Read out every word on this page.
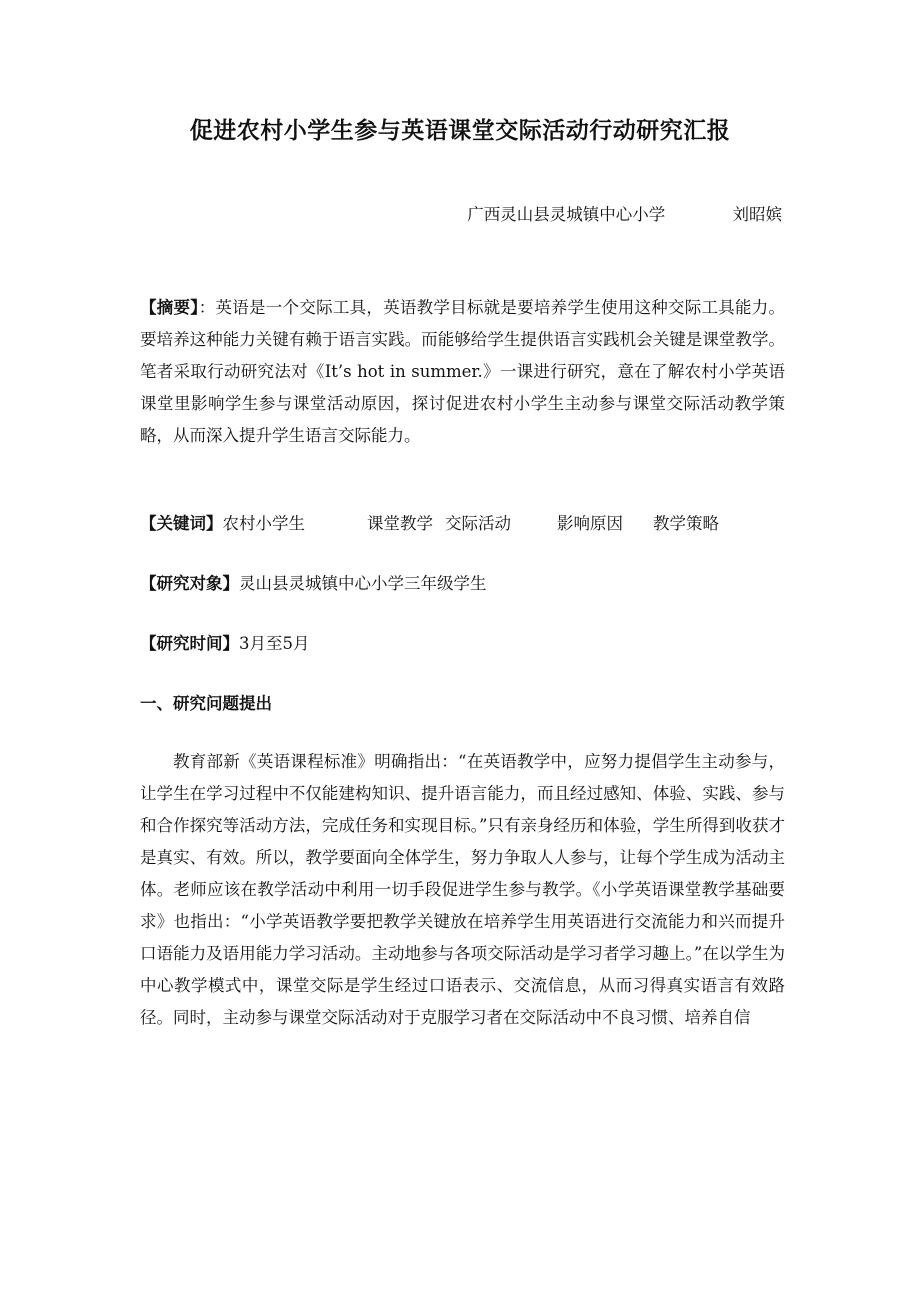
促进农村小学生参与英语课堂交际活动行动研究汇报
广西灵山县灵城镇中心小学	刘昭嫔
【摘要】：英语是一个交际工具，英语教学目标就是要培养学生使用这种交际工具能力。要培养这种能力关键有赖于语言实践。而能够给学生提供语言实践机会关键是课堂教学。笔者采取行动研究法对《It’s hot in summer.》一课进行研究，意在了解农村小学英语课堂里影响学生参与课堂活动原因，探讨促进农村小学生主动参与课堂交际活动教学策略，从而深入提升学生语言交际能力。
【关键词】农村小学生	课堂教学 交际活动	影响原因 教学策略
【研究对象】灵山县灵城镇中心小学三年级学生
【研究时间】3月至5月
一、研究问题提出
教育部新《英语课程标准》明确指出：“在英语教学中，应努力提倡学生主动参与，让学生在学习过程中不仅能建构知识、提升语言能力，而且经过感知、体验、实践、参与和合作探究等活动方法，完成任务和实现目标。”只有亲身经历和体验，学生所得到收获才是真实、有效。所以，教学要面向全体学生，努力争取人人参与，让每个学生成为活动主体。老师应该在教学活动中利用一切手段促进学生参与教学。《小学英语课堂教学基础要求》也指出：“小学英语教学要把教学关键放在培养学生用英语进行交流能力和兴而提升口语能力及语用能力学习活动。主动地参与各项交际活动是学习者学习趣上。”在以学生为中心教学模式中，课堂交际是学生经过口语表示、交流信息，从而习得真实语言有效路径。同时，主动参与课堂交际活动对于克服学习者在交际活动中不良习惯、培养自信
